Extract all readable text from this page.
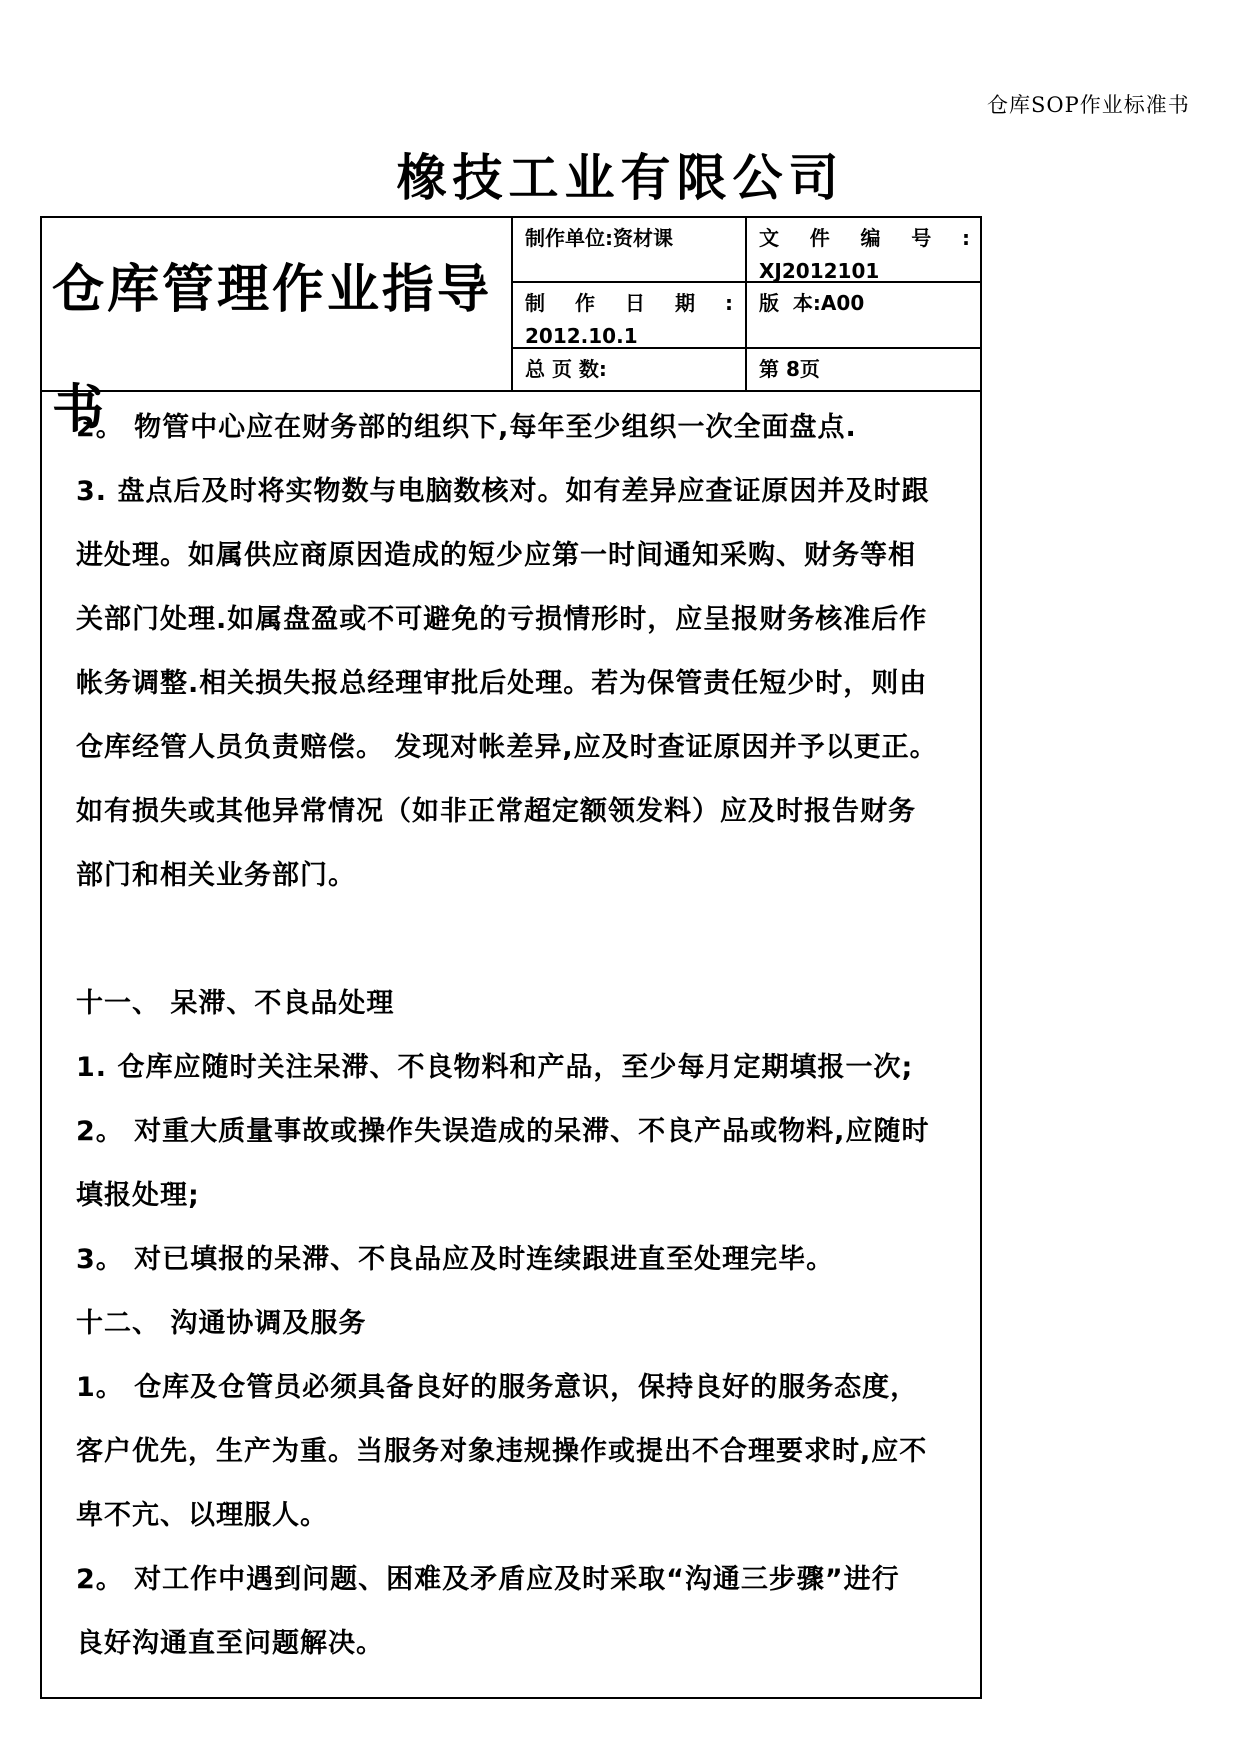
仓库SOP作业标准书
橡技工业有限公司
仓库管理作业指导书
制作单位:资材课	文 件 编 号 :
XJ2012101
制 作 日 期 :
2012.10.1
版  本:A00
总 页 数:	第 8页
2。 物管中心应在财务部的组织下,每年至少组织一次全面盘点.
3. 盘点后及时将实物数与电脑数核对。如有差异应查证原因并及时跟
进处理。如属供应商原因造成的短少应第一时间通知采购、财务等相
关部门处理.如属盘盈或不可避免的亏损情形时，应呈报财务核准后作
帐务调整.相关损失报总经理审批后处理。若为保管责任短少时，则由
仓库经管人员负责赔偿。 发现对帐差异,应及时查证原因并予以更正。
如有损失或其他异常情况（如非正常超定额领发料）应及时报告财务
部门和相关业务部门。
十一、 呆滞、不良品处理
1. 仓库应随时关注呆滞、不良物料和产品，至少每月定期填报一次;
2。 对重大质量事故或操作失误造成的呆滞、不良产品或物料,应随时
填报处理;
3。 对已填报的呆滞、不良品应及时连续跟进直至处理完毕。
十二、 沟通协调及服务
1。 仓库及仓管员必须具备良好的服务意识，保持良好的服务态度，
客户优先，生产为重。当服务对象违规操作或提出不合理要求时,应不
卑不亢、以理服人。
2。 对工作中遇到问题、困难及矛盾应及时采取“沟通三步骤”进行
良好沟通直至问题解决。
